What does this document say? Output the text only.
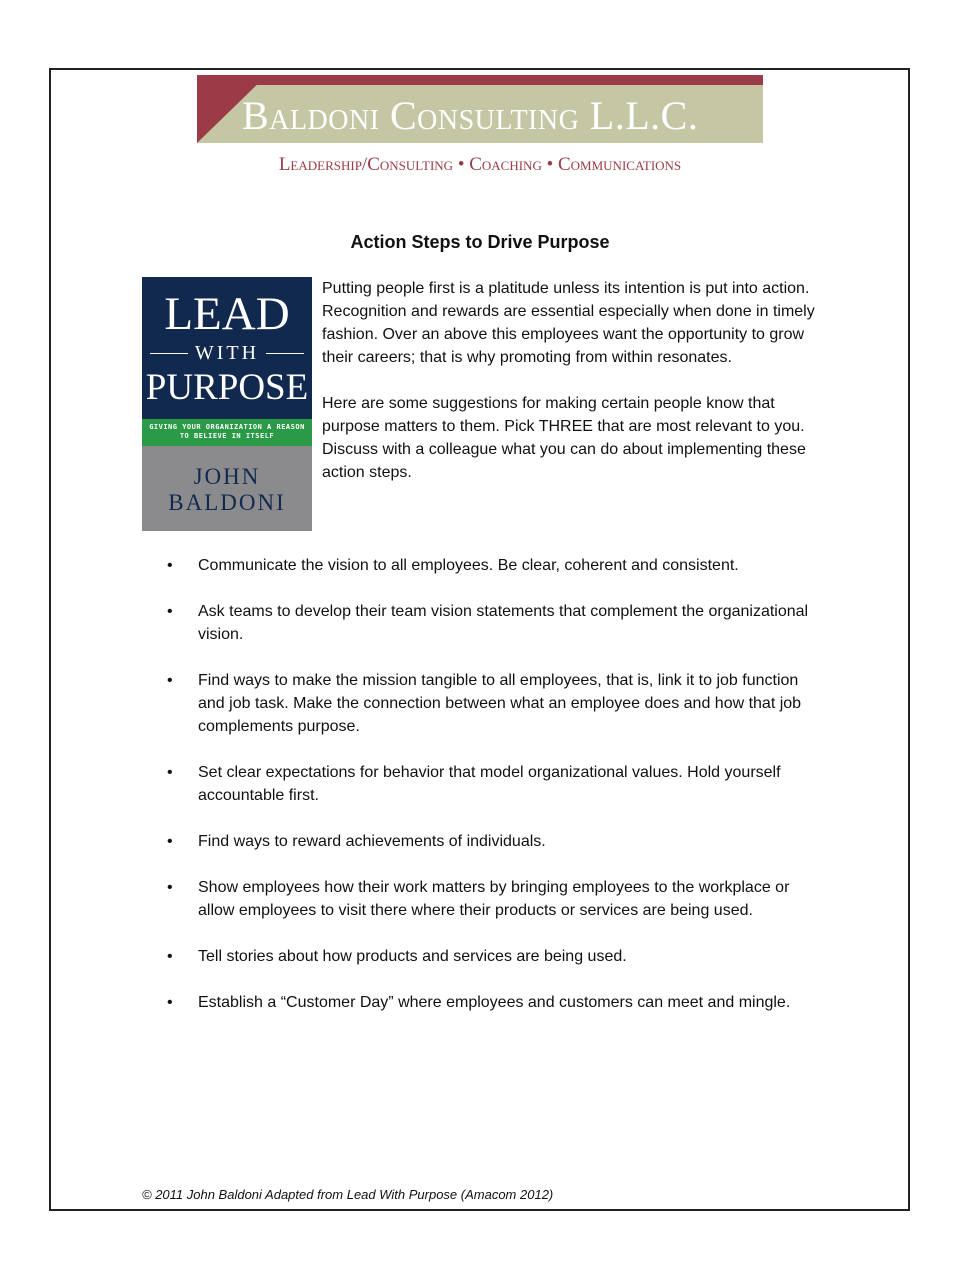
Baldoni Consulting L.L.C.
Leadership/Consulting • Coaching • Communications
Action Steps to Drive Purpose
LEAD
WITH
PURPOSE
GIVING YOUR ORGANIZATION A REASON TO BELIEVE IN ITSELF
JOHN
BALDONI

Putting people first is a platitude unless its intention is put into action. Recognition and rewards are essential especially when done in timely fashion. Over an above this employees want the opportunity to grow their careers; that is why promoting from within resonates.

Here are some suggestions for making certain people know that purpose matters to them. Pick THREE that are most relevant to you. Discuss with a colleague what you can do about implementing these action steps.

•	Communicate the vision to all employees. Be clear, coherent and consistent.
•	Ask teams to develop their team vision statements that complement the organizational vision.
•	Find ways to make the mission tangible to all employees, that is, link it to job function and job task. Make the connection between what an employee does and how that job complements purpose.
•	Set clear expectations for behavior that model organizational values. Hold yourself accountable first.
•	Find ways to reward achievements of individuals.
•	Show employees how their work matters by bringing employees to the workplace or allow employees to visit there where their products or services are being used.
•	Tell stories about how products and services are being used.
•	Establish a “Customer Day” where employees and customers can meet and mingle.
© 2011 John Baldoni Adapted from Lead With Purpose (Amacom 2012)
